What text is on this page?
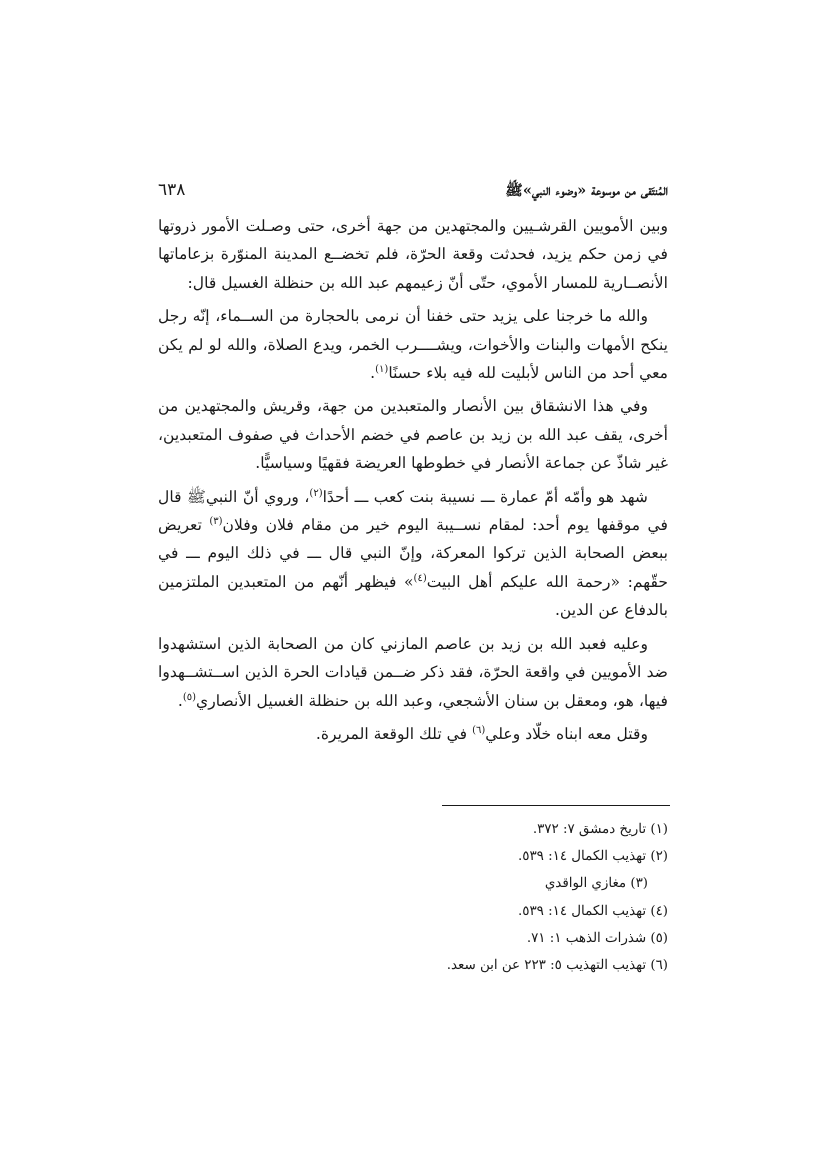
المُنتَقى من موسوعة «وضوء النبي»ﷺ
٦٣٨

وبين الأمويين القرشـيين والمجتهدين من جهة أخرى، حتى وصـلت الأمور ذروتها في زمن حكم يزيد، فحدثت وقعة الحرّة، فلم تخضــع المدينة المنوّرة بزعاماتها الأنصــارية للمسار الأموي، حتّى أنّ زعيمهم عبد الله بن حنظلة الغسيل قال:

والله ما خرجنا على يزيد حتى خفنا أن نرمى بالحجارة من الســماء، إنّه رجل ينكح الأمهات والبنات والأخوات، ويشــــرب الخمر، ويدع الصلاة، والله لو لم يكن معي أحد من الناس لأبليت لله فيه بلاء حسنًا$^{(١)}$.

وفي هذا الانشقاق بين الأنصار والمتعبدين من جهة، وقريش والمجتهدين من أخرى، يقف عبد الله بن زيد بن عاصم في خضم الأحداث في صفوف المتعبدين، غير شاذّ عن جماعة الأنصار في خطوطها العريضة فقهيًا وسياسيًّا.

شهد هو وأمّه أمّ عمارة ـــ نسيبة بنت كعب ـــ أحدًا$^{(٢)}$، وروي أنّ النبيﷺ قال في موقفها يوم أحد: لمقام نســيبة اليوم خير من مقام فلان وفلان$^{(٣)}$ تعريض ببعض الصحابة الذين تركوا المعركة، وإنّ النبي قال ـــ في ذلك اليوم ـــ في حقّهم: «رحمة الله عليكم أهل البيت$^{(٤)}$» فيظهر أنّهم من المتعبدين الملتزمين بالدفاع عن الدين.

وعليه فعبد الله بن زيد بن عاصم المازني كان من الصحابة الذين استشهدوا ضد الأمويين في واقعة الحرّة، فقد ذكر ضــمن قيادات الحرة الذين اســتشــهدوا فيها، هو، ومعقل بن سنان الأشجعي، وعبد الله بن حنظلة الغسيل الأنصاري$^{(٥)}$.

وقتل معه ابناه خلّاد وعلي$^{(٦)}$ في تلك الوقعة المريرة.

(١) تاريخ دمشق ٧: ٣٧٢.
(٢) تهذيب الكمال ١٤: ٥٣٩.
(٣) مغازي الواقدي
(٤) تهذيب الكمال ١٤: ٥٣٩.
(٥) شذرات الذهب ١: ٧١.
(٦) تهذيب التهذيب ٥: ٢٢٣ عن ابن سعد.
